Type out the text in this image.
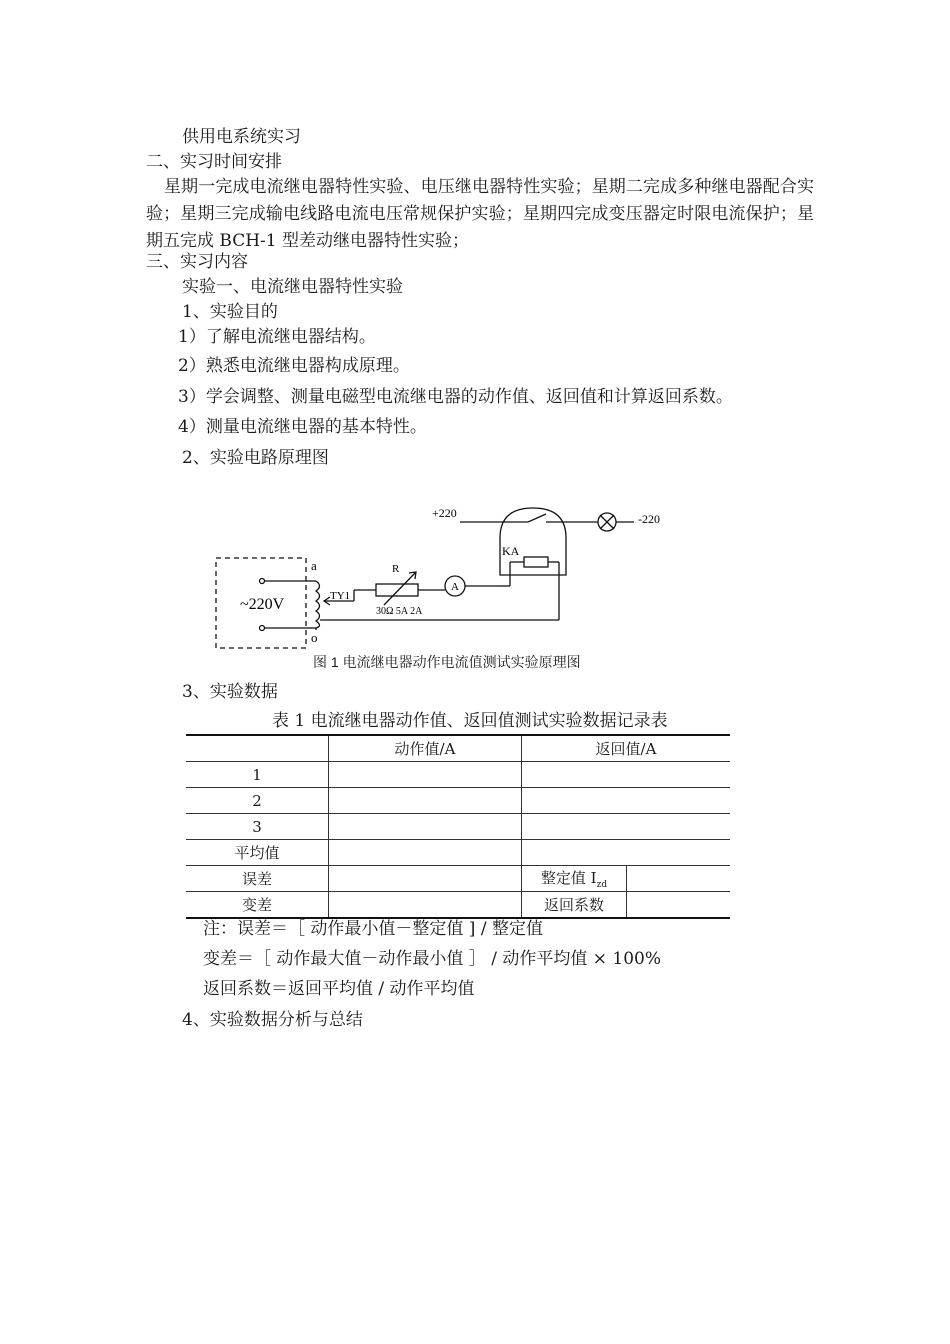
供用电系统实习
二、实习时间安排
星期一完成电流继电器特性实验、电压继电器特性实验；星期二完成多种继电器配合实验；星期三完成输电线路电流电压常规保护实验；星期四完成变压器定时限电流保护；星期五完成 BCH-1 型差动继电器特性实验；
三、实习内容
实验一、电流继电器特性实验
1、实验目的
1）了解电流继电器结构。
2）熟悉电流继电器构成原理。
3）学会调整、测量电磁型电流继电器的动作值、返回值和计算返回系数。
4）测量电流继电器的基本特性。
2、实验电路原理图
+220	-220
KA
a
o
~220V	TY1
R
30Ω 5A 2A
A
图 1 电流继电器动作电流值测试实验原理图
3、实验数据
表 1 电流继电器动作值、返回值测试实验数据记录表
	动作值/A	返回值/A	
1			
2			
3			
平均值			
误差		整定值 $I_{zd}$	
变差		返回系数	
注：误差＝［ 动作最小值－整定值 ] / 整定值
变差＝［ 动作最大值－动作最小值 ］ / 动作平均值 × 100%
返回系数＝返回平均值 / 动作平均值
4、实验数据分析与总结
